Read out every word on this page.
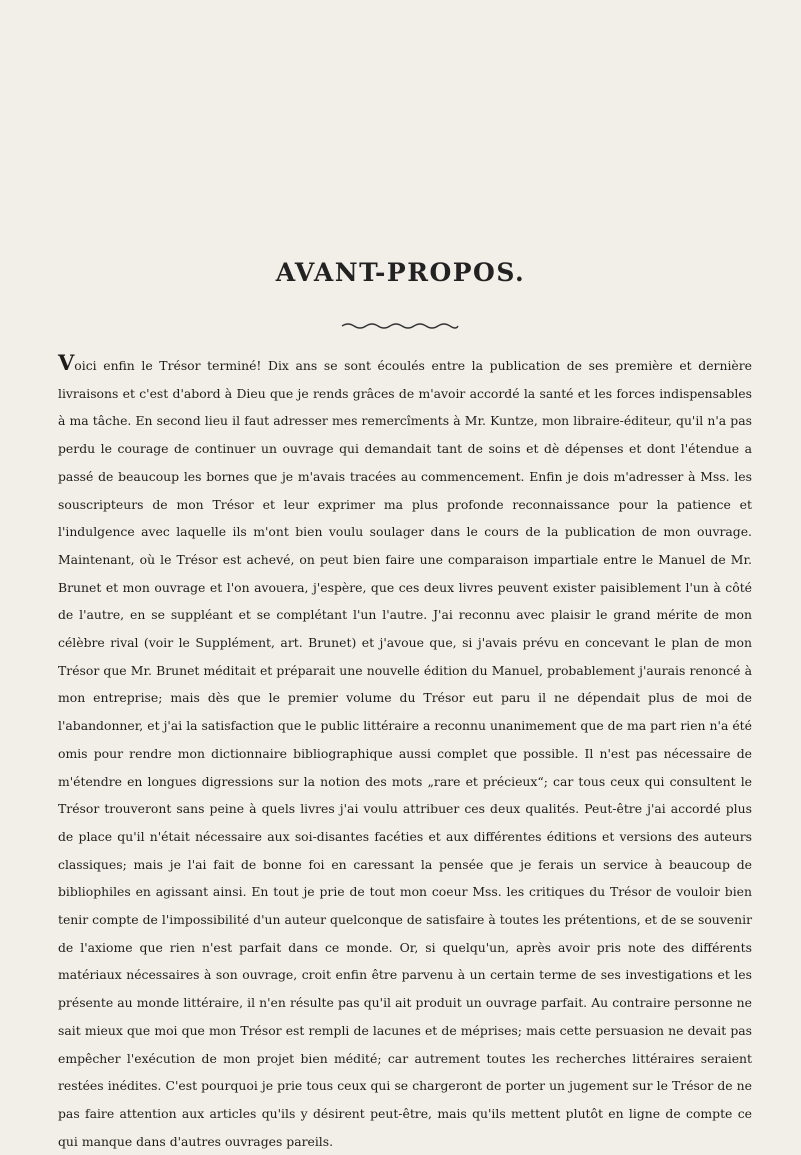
AVANT-PROPOS.

Voici enfin le Trésor terminé! Dix ans se sont écoulés entre la publication de ses première et dernière livraisons et c'est d'abord à Dieu que je rends grâces de m'avoir accordé la santé et les forces indispensables à ma tâche. En second lieu il faut adresser mes remercîments à Mr. Kuntze, mon libraire-éditeur, qu'il n'a pas perdu le courage de continuer un ouvrage qui demandait tant de soins et dè dépenses et dont l'étendue a passé de beaucoup les bornes que je m'avais tracées au commencement. Enfin je dois m'adresser à Mss. les souscripteurs de mon Trésor et leur exprimer ma plus profonde reconnaissance pour la patience et l'indulgence avec laquelle ils m'ont bien voulu soulager dans le cours de la publication de mon ouvrage. Maintenant, où le Trésor est achevé, on peut bien faire une comparaison impartiale entre le Manuel de Mr. Brunet et mon ouvrage et l'on avouera, j'espère, que ces deux livres peuvent exister paisiblement l'un à côté de l'autre, en se suppléant et se complétant l'un l'autre. J'ai reconnu avec plaisir le grand mérite de mon célèbre rival (voir le Supplément, art. Brunet) et j'avoue que, si j'avais prévu en concevant le plan de mon Trésor que Mr. Brunet méditait et préparait une nouvelle édition du Manuel, probablement j'aurais renoncé à mon entreprise; mais dès que le premier volume du Trésor eut paru il ne dépendait plus de moi de l'abandonner, et j'ai la satisfaction que le public littéraire a reconnu unanimement que de ma part rien n'a été omis pour rendre mon dictionnaire bibliographique aussi complet que possible. Il n'est pas nécessaire de m'étendre en longues digressions sur la notion des mots „rare et précieux“; car tous ceux qui consultent le Trésor trouveront sans peine à quels livres j'ai voulu attribuer ces deux qualités. Peut-être j'ai accordé plus de place qu'il n'était nécessaire aux soi-disantes facéties et aux différentes éditions et versions des auteurs classiques; mais je l'ai fait de bonne foi en caressant la pensée que je ferais un service à beaucoup de bibliophiles en agissant ainsi. En tout je prie de tout mon coeur Mss. les critiques du Trésor de vouloir bien tenir compte de l'impossibilité d'un auteur quelconque de satisfaire à toutes les prétentions, et de se souvenir de l'axiome que rien n'est parfait dans ce monde. Or, si quelqu'un, après avoir pris note des différents matériaux nécessaires à son ouvrage, croit enfin être parvenu à un certain terme de ses investigations et les présente au monde littéraire, il n'en résulte pas qu'il ait produit un ouvrage parfait. Au contraire personne ne sait mieux que moi que mon Trésor est rempli de lacunes et de méprises; mais cette persuasion ne devait pas empêcher l'exécution de mon projet bien médité; car autrement toutes les recherches littéraires seraient restées inédites. C'est pourquoi je prie tous ceux qui se chargeront de porter un jugement sur le Trésor de ne pas faire attention aux articles qu'ils y désirent peut-être, mais qu'ils mettent plutôt en ligne de compte ce qui manque dans d'autres ouvrages pareils.
